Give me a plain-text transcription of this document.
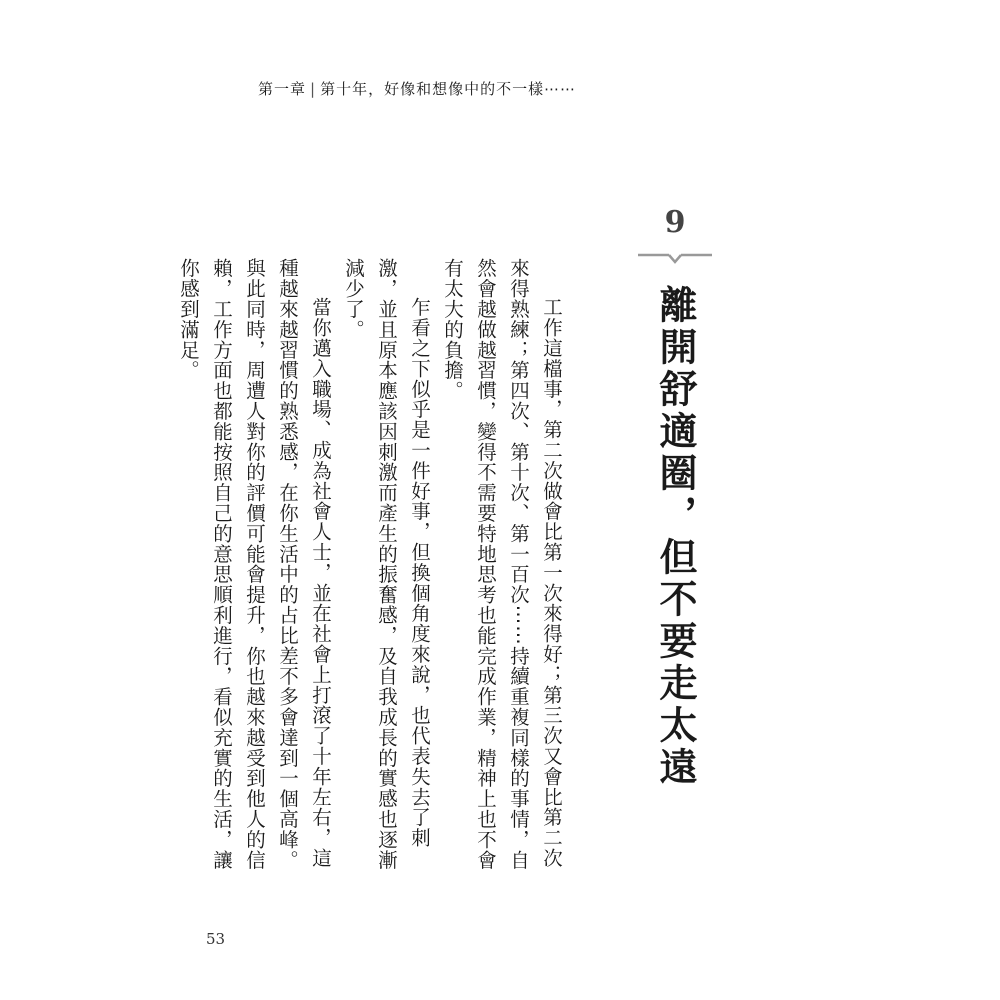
第一章 | 第十年，好像和想像中的不一樣⋯⋯
9
離開舒適圈，但不要走太遠

工作這檔事，第二次做會比第一次來得好；第三次又會比第二次來得熟練；第四次、第十次、第一百次⋯⋯持續重複同樣的事情，自然會越做越習慣，變得不需要特地思考也能完成作業，精神上也不會有太大的負擔。

乍看之下似乎是一件好事，但換個角度來說，也代表失去了刺激，並且原本應該因刺激而產生的振奮感，及自我成長的實感也逐漸減少了。

當你邁入職場、成為社會人士，並在社會上打滾了十年左右，這種越來越習慣的熟悉感，在你生活中的占比差不多會達到一個高峰。與此同時，周遭人對你的評價可能會提升，你也越來越受到他人的信賴，工作方面也都能按照自己的意思順利進行，看似充實的生活，讓你感到滿足。

53
